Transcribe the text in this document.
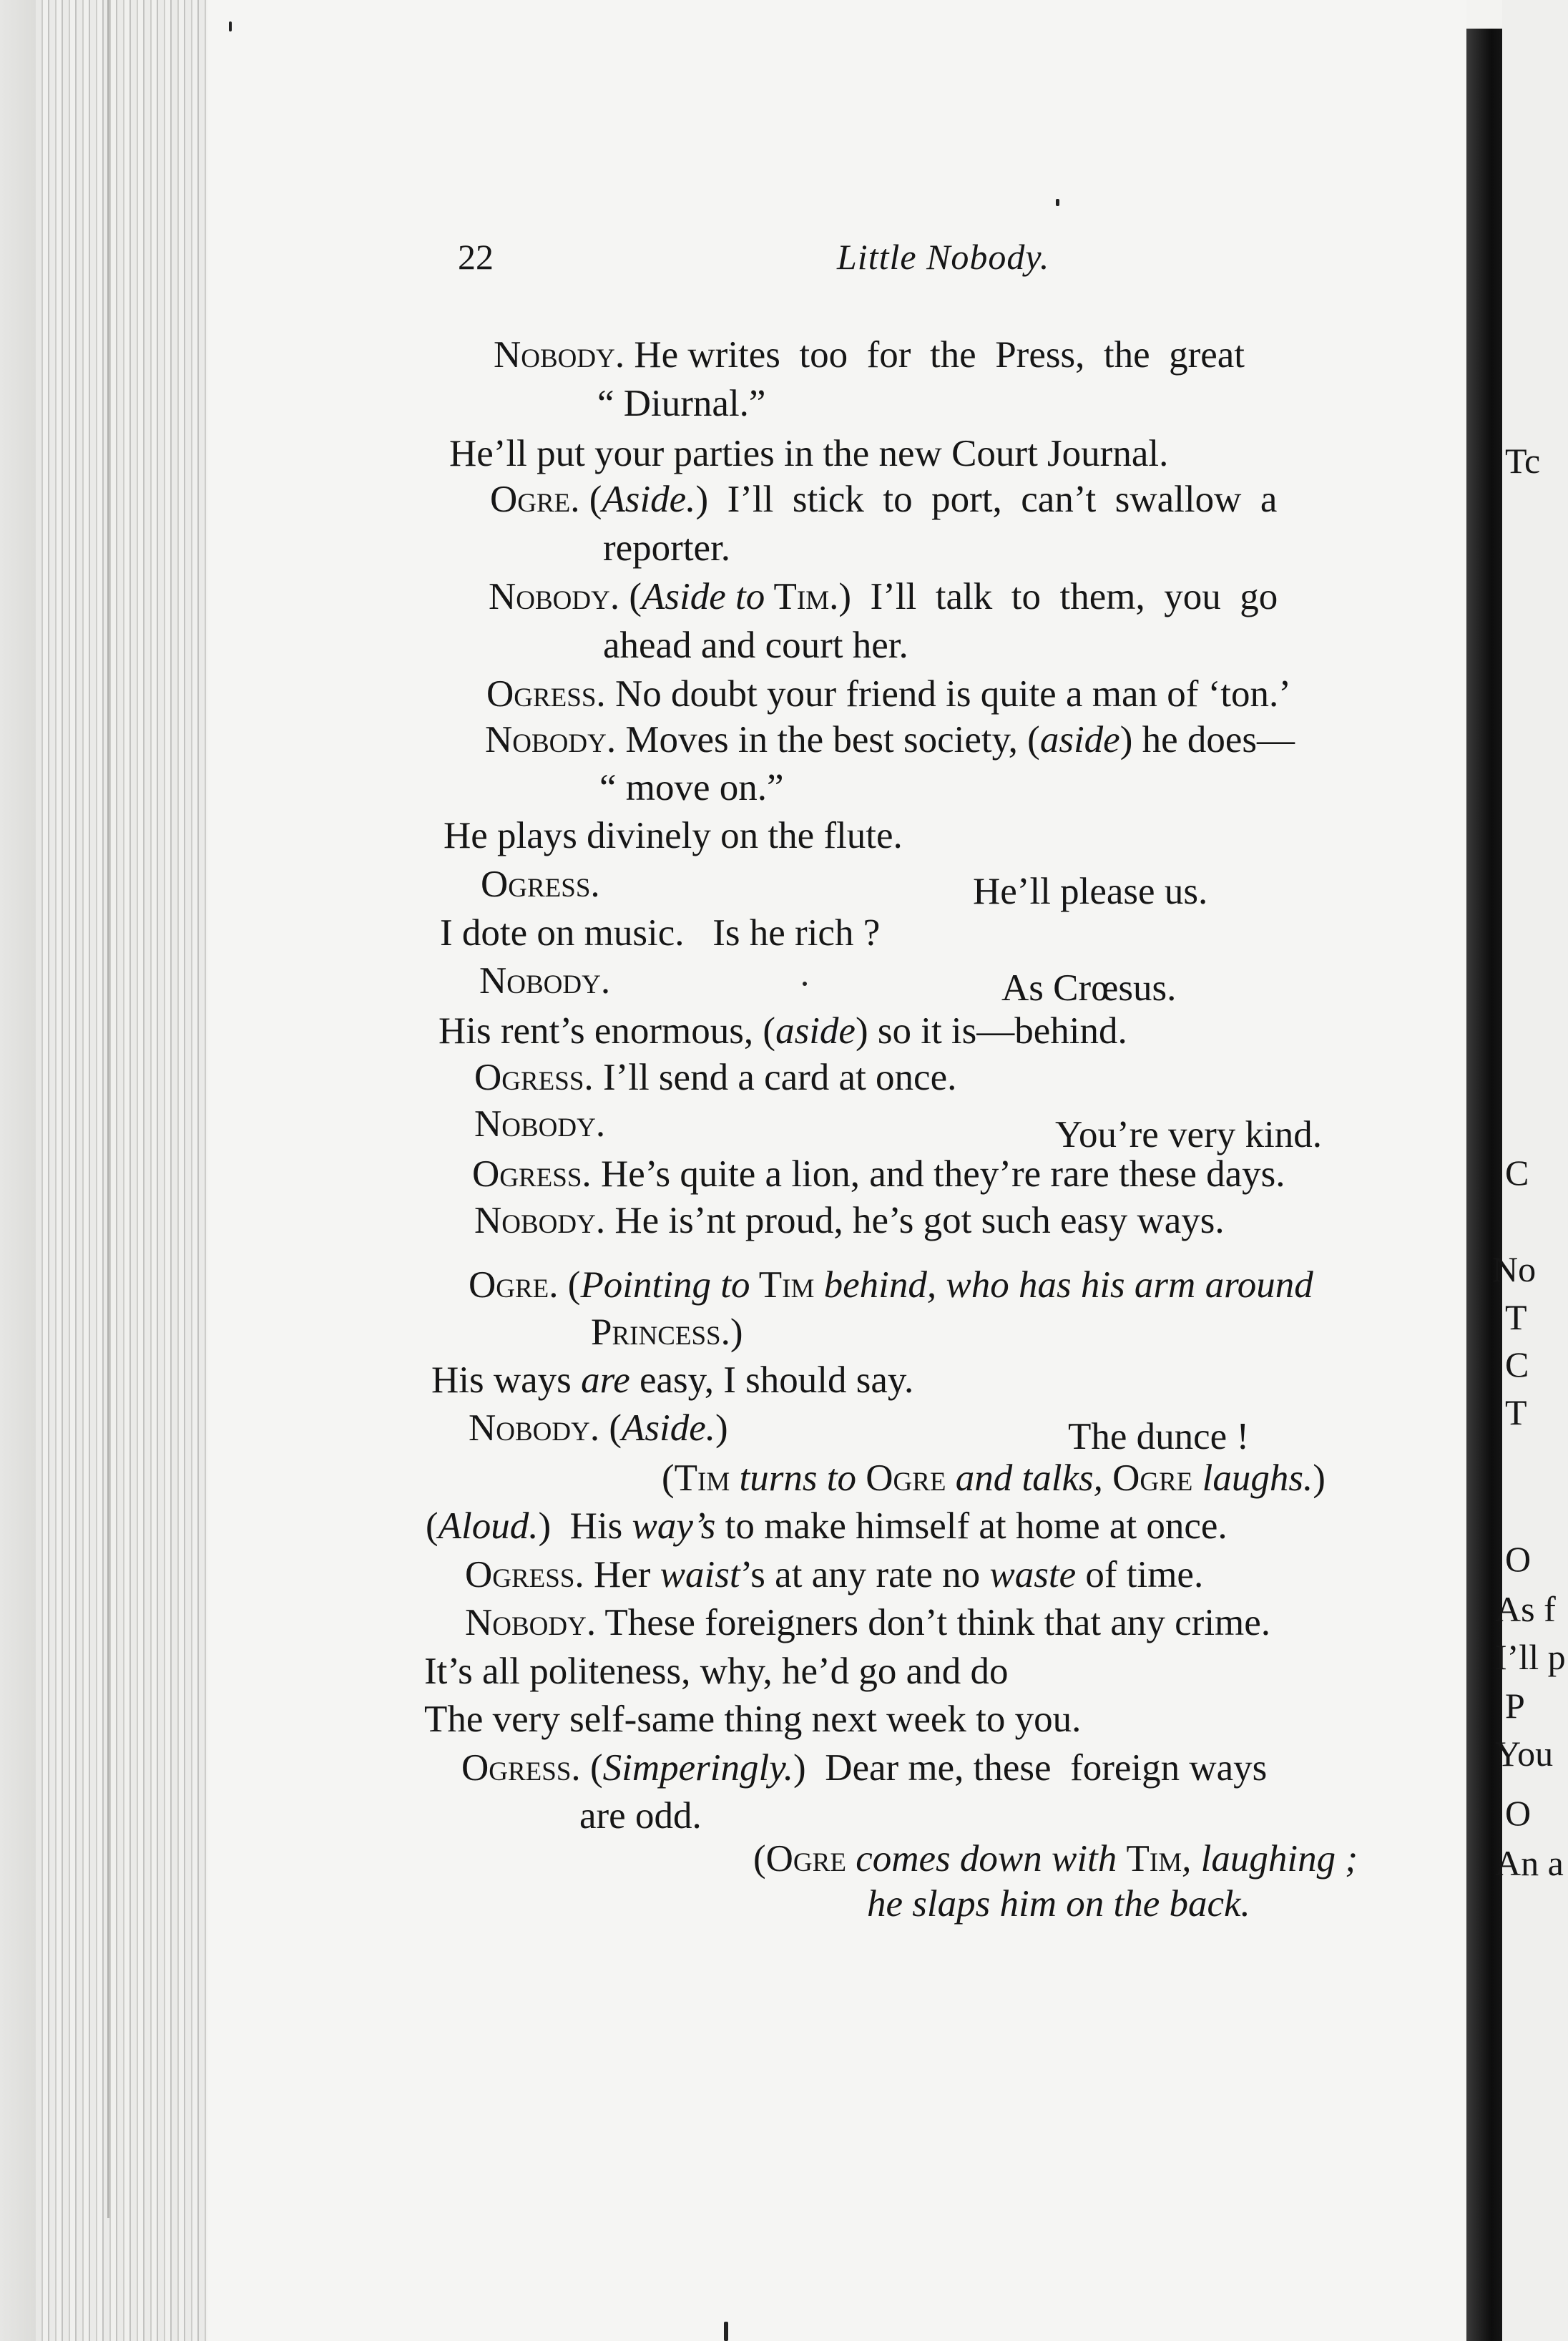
Tc
C
No
T
C
T
O
As f
I’ll p
P
You
O
An a
22	Little Nobody.
Nobody. He writes  too  for  the  Press,  the  great
“ Diurnal.”
He’ll put your parties in the new Court Journal.
Ogre. (Aside.)  I’ll  stick  to  port,  can’t  swallow  a
reporter.
Nobody. (Aside to Tim.)  I’ll  talk  to  them,  you  go
ahead and court her.
Ogress. No doubt your friend is quite a man of ‘ton.’
Nobody. Moves in the best society, (aside) he does—
“ move on.”
He plays divinely on the flute.
Ogress.	He’ll please us.
I dote on music.   Is he rich ?
Nobody.	As Crœsus.
His rent’s enormous, (aside) so it is—behind.
Ogress. I’ll send a card at once.
Nobody.	You’re very kind.
Ogress. He’s quite a lion, and they’re rare these days.
Nobody. He is’nt proud, he’s got such easy ways.
Ogre. (Pointing to Tim behind, who has his arm around
Princess.)
His ways are easy, I should say.
Nobody. (Aside.)	The dunce !
(Tim turns to Ogre and talks, Ogre laughs.)
(Aloud.)  His way’s to make himself at home at once.
Ogress. Her waist’s at any rate no waste of time.
Nobody. These foreigners don’t think that any crime.
It’s all politeness, why, he’d go and do
The very self-same thing next week to you.
Ogress. (Simperingly.)  Dear me, these  foreign ways
are odd.
(Ogre comes down with Tim, laughing ;
he slaps him on the back.
